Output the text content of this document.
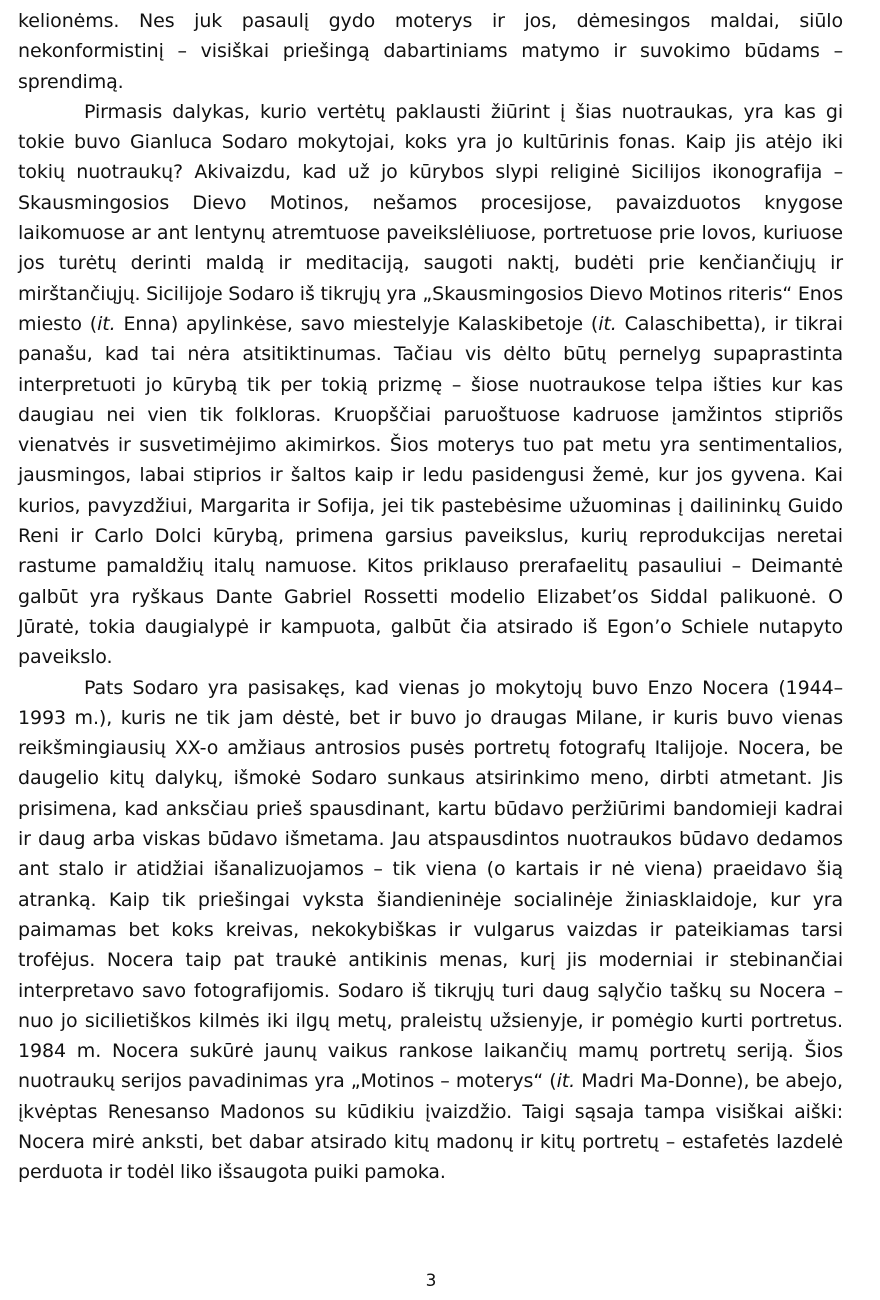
kelionėms. Nes juk pasaulį gydo moterys ir jos, dėmesingos maldai, siūlo nekonformistinį – visiškai priešingą dabartiniams matymo ir suvokimo būdams – sprendimą.

Pirmasis dalykas, kurio vertėtų paklausti žiūrint į šias nuotraukas, yra kas gi tokie buvo Gianluca Sodaro mokytojai, koks yra jo kultūrinis fonas. Kaip jis atėjo iki tokių nuotraukų? Akivaizdu, kad už jo kūrybos slypi religinė Sicilijos ikonografija – Skausmingosios Dievo Motinos, nešamos procesijose, pavaizduotos knygose laikomuose ar ant lentynų atremtuose paveikslėliuose, portretuose prie lovos, kuriuose jos turėtų derinti maldą ir meditaciją, saugoti naktį, budėti prie kenčiančiųjų ir mirštančiųjų. Sicilijoje Sodaro iš tikrųjų yra „Skausmingosios Dievo Motinos riteris“ Enos miesto (it. Enna) apylinkėse, savo miestelyje Kalaskibetoje (it. Calaschibetta), ir tikrai panašu, kad tai nėra atsitiktinumas. Tačiau vis dėlto būtų pernelyg supaprastinta interpretuoti jo kūrybą tik per tokią prizmę – šiose nuotraukose telpa išties kur kas daugiau nei vien tik folkloras. Kruopščiai paruoštuose kadruose įamžintos stipriõs vienatvės ir susvetimėjimo akimirkos. Šios moterys tuo pat metu yra sentimentalios, jausmingos, labai stiprios ir šaltos kaip ir ledu pasidengusi žemė, kur jos gyvena. Kai kurios, pavyzdžiui, Margarita ir Sofija, jei tik pastebėsime užuominas į dailininkų Guido Reni ir Carlo Dolci kūrybą, primena garsius paveikslus, kurių reprodukcijas neretai rastume pamaldžių italų namuose. Kitos priklauso prerafaelitų pasauliui – Deimantė galbūt yra ryškaus Dante Gabriel Rossetti modelio Elizabet’os Siddal palikuonė. O Jūratė, tokia daugialypė ir kampuota, galbūt čia atsirado iš Egon’o Schiele nutapyto paveikslo.

Pats Sodaro yra pasisakęs, kad vienas jo mokytojų buvo Enzo Nocera (1944–1993 m.), kuris ne tik jam dėstė, bet ir buvo jo draugas Milane, ir kuris buvo vienas reikšmingiausių XX-o amžiaus antrosios pusės portretų fotografų Italijoje. Nocera, be daugelio kitų dalykų, išmokė Sodaro sunkaus atsirinkimo meno, dirbti atmetant. Jis prisimena, kad anksčiau prieš spausdinant, kartu būdavo peržiūrimi bandomieji kadrai ir daug arba viskas būdavo išmetama. Jau atspausdintos nuotraukos būdavo dedamos ant stalo ir atidžiai išanalizuojamos – tik viena (o kartais ir nė viena) praeidavo šią atranką. Kaip tik priešingai vyksta šiandieninėje socialinėje žiniasklaidoje, kur yra paimamas bet koks kreivas, nekokybiškas ir vulgarus vaizdas ir pateikiamas tarsi trofėjus. Nocera taip pat traukė antikinis menas, kurį jis moderniai ir stebinančiai interpretavo savo fotografijomis. Sodaro iš tikrųjų turi daug sąlyčio taškų su Nocera – nuo jo sicilietiškos kilmės iki ilgų metų, praleistų užsienyje, ir pomėgio kurti portretus. 1984 m. Nocera sukūrė jaunų vaikus rankose laikančių mamų portretų seriją. Šios nuotraukų serijos pavadinimas yra „Motinos – moterys“ (it. Madri Ma-Donne), be abejo, įkvėptas Renesanso Madonos su kūdikiu įvaizdžio. Taigi sąsaja tampa visiškai aiški: Nocera mirė anksti, bet dabar atsirado kitų madonų ir kitų portretų – estafetės lazdelė perduota ir todėl liko išsaugota puiki pamoka.

3
